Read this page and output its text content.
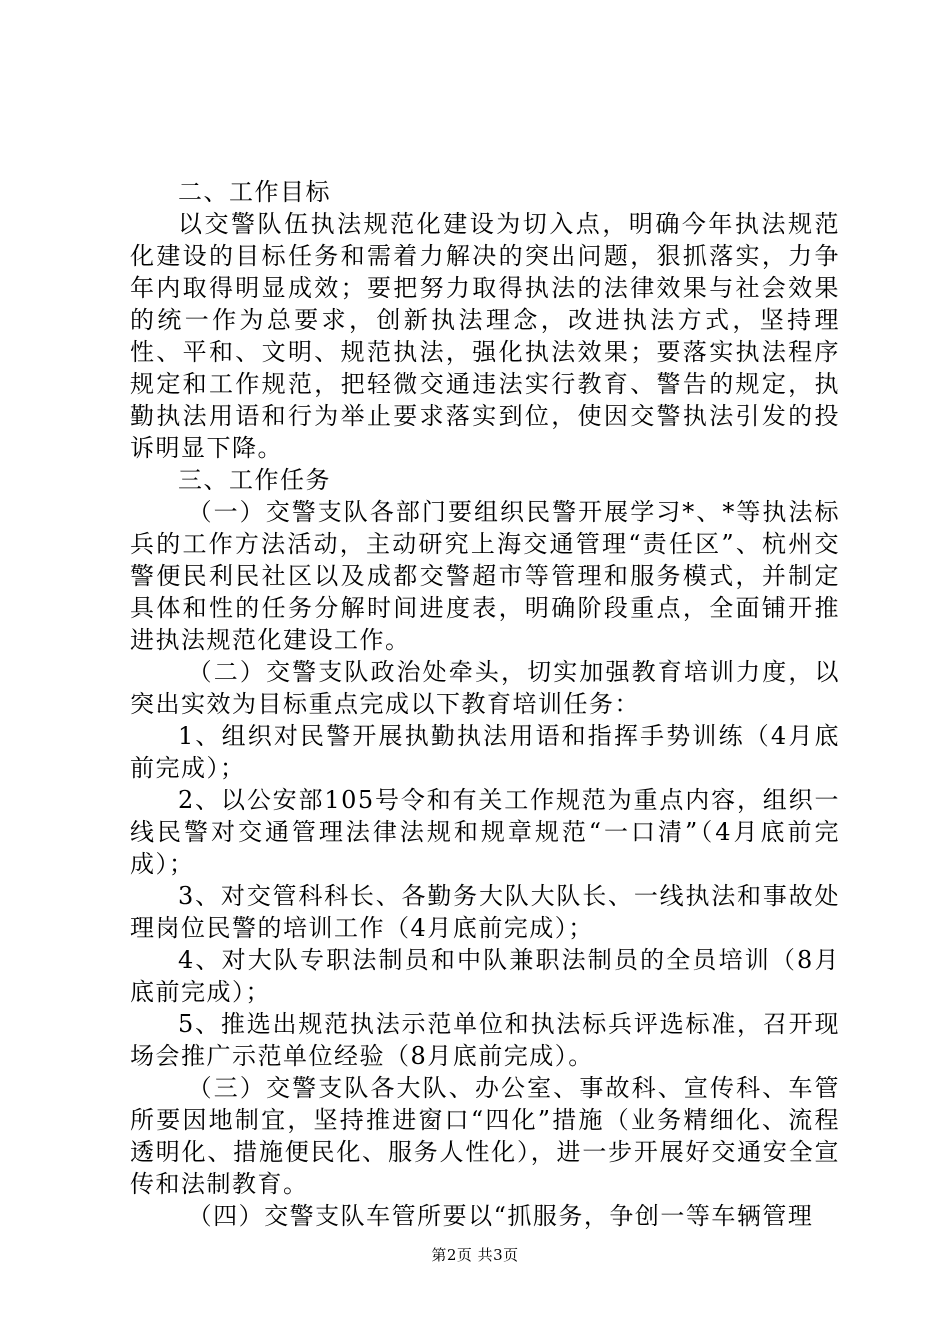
二、工作目标

以交警队伍执法规范化建设为切入点，明确今年执法规范化建设的目标任务和需着力解决的突出问题，狠抓落实，力争年内取得明显成效；要把努力取得执法的法律效果与社会效果的统一作为总要求，创新执法理念，改进执法方式，坚持理性、平和、文明、规范执法，强化执法效果；要落实执法程序规定和工作规范，把轻微交通违法实行教育、警告的规定，执勤执法用语和行为举止要求落实到位，使因交警执法引发的投诉明显下降。

三、工作任务

（一）交警支队各部门要组织民警开展学习*、*等执法标兵的工作方法活动，主动研究上海交通管理“责任区”、杭州交警便民利民社区以及成都交警超市等管理和服务模式，并制定具体和性的任务分解时间进度表，明确阶段重点，全面铺开推进执法规范化建设工作。

（二）交警支队政治处牵头，切实加强教育培训力度，以突出实效为目标重点完成以下教育培训任务：

1、组织对民警开展执勤执法用语和指挥手势训练（4月底前完成）；

2、以公安部105号令和有关工作规范为重点内容，组织一线民警对交通管理法律法规和规章规范“一口清”（4月底前完成）；

3、对交管科科长、各勤务大队大队长、一线执法和事故处理岗位民警的培训工作（4月底前完成）；

4、对大队专职法制员和中队兼职法制员的全员培训（8月底前完成）；

5、推选出规范执法示范单位和执法标兵评选标准，召开现场会推广示范单位经验（8月底前完成）。

（三）交警支队各大队、办公室、事故科、宣传科、车管所要因地制宜，坚持推进窗口“四化”措施（业务精细化、流程透明化、措施便民化、服务人性化），进一步开展好交通安全宣传和法制教育。

（四）交警支队车管所要以“抓服务，争创一等车辆管理

第2页 共3页
